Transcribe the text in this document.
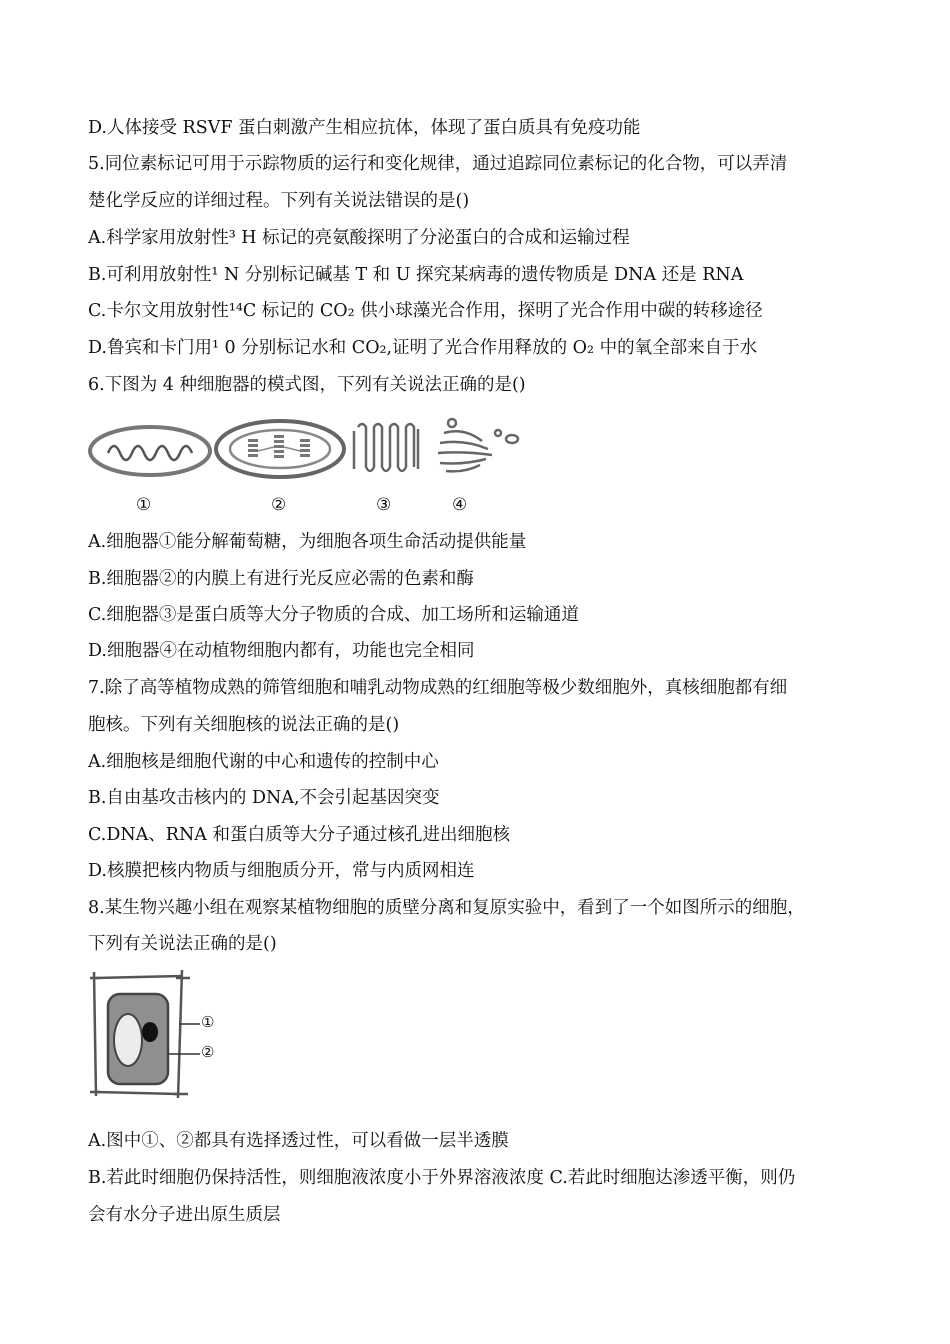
D.人体接受 RSVF 蛋白刺激产生相应抗体，体现了蛋白质具有免疫功能
5.同位素标记可用于示踪物质的运行和变化规律，通过追踪同位素标记的化合物，可以弄清
楚化学反应的详细过程。下列有关说法错误的是()
A.科学家用放射性³ H 标记的亮氨酸探明了分泌蛋白的合成和运输过程
B.可利用放射性¹ N 分别标记碱基 T 和 U 探究某病毒的遗传物质是 DNA 还是 RNA
C.卡尔文用放射性¹⁴C 标记的 CO₂ 供小球藻光合作用，探明了光合作用中碳的转移途径
D.鲁宾和卡门用¹ 0 分别标记水和 CO₂,证明了光合作用释放的 O₂ 中的氧全部来自于水
6.下图为 4 种细胞器的模式图，下列有关说法正确的是()
A.细胞器①能分解葡萄糖，为细胞各项生命活动提供能量
B.细胞器②的内膜上有进行光反应必需的色素和酶
C.细胞器③是蛋白质等大分子物质的合成、加工场所和运输通道
D.细胞器④在动植物细胞内都有，功能也完全相同
7.除了高等植物成熟的筛管细胞和哺乳动物成熟的红细胞等极少数细胞外，真核细胞都有细
胞核。下列有关细胞核的说法正确的是()
A.细胞核是细胞代谢的中心和遗传的控制中心
B.自由基攻击核内的 DNA,不会引起基因突变
C.DNA、RNA 和蛋白质等大分子通过核孔进出细胞核
D.核膜把核内物质与细胞质分开，常与内质网相连
8.某生物兴趣小组在观察某植物细胞的质壁分离和复原实验中，看到了一个如图所示的细胞，
下列有关说法正确的是()
A.图中①、②都具有选择透过性，可以看做一层半透膜
B.若此时细胞仍保持活性，则细胞液浓度小于外界溶液浓度 C.若此时细胞达渗透平衡，则仍
会有水分子进出原生质层
①	②	③	④
①
②
